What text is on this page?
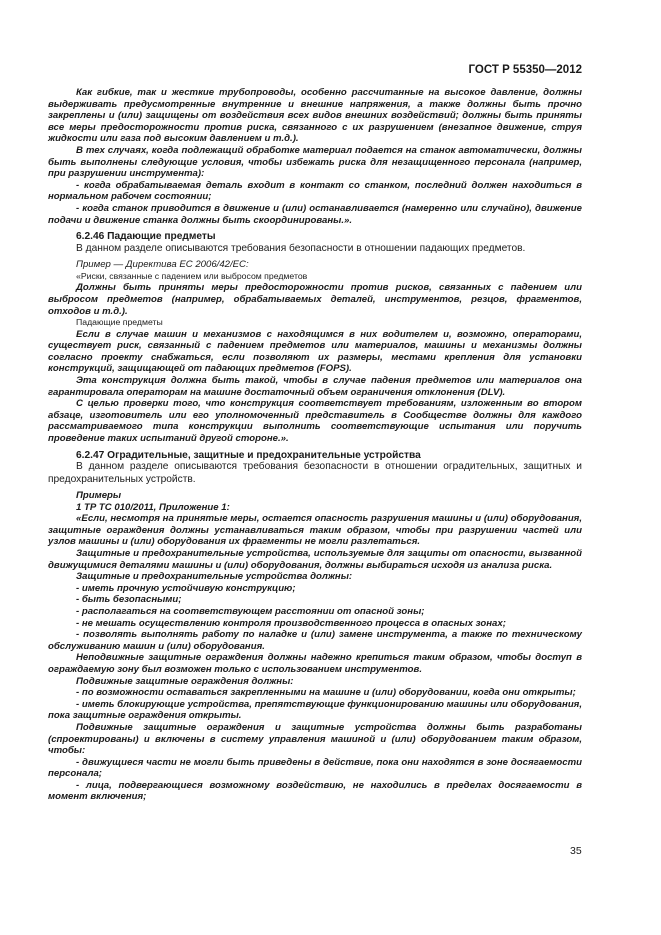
ГОСТ Р 55350—2012

Как гибкие, так и жесткие трубопроводы, особенно рассчитанные на высокое давление, должны выдерживать предусмотренные внутренние и внешние напряжения, а также должны быть прочно закреплены и (или) защищены от воздействия всех видов внешних воздействий; должны быть приняты все меры предосторожности против риска, связанного с их разрушением (внезапное движение, струя жидкости или газа под высоким давлением и т.д.).

В тех случаях, когда подлежащий обработке материал подается на станок автоматически, должны быть выполнены следующие условия, чтобы избежать риска для незащищенного персонала (например, при разрушении инструмента):

- когда обрабатываемая деталь входит в контакт со станком, последний должен находиться в нормальном рабочем состоянии;

- когда станок приводится в движение и (или) останавливается (намеренно или случайно), движение подачи и движение станка должны быть скоординированы.».

6.2.46 Падающие предметы

В данном разделе описываются требования безопасности в отношении падающих предметов.

Пример — Директива ЕС 2006/42/ЕС:

«Риски, связанные с падением или выбросом предметов

Должны быть приняты меры предосторожности против рисков, связанных с падением или выбросом предметов (например, обрабатываемых деталей, инструментов, резцов, фрагментов, отходов и т.д.).

Падающие предметы

Если в случае машин и механизмов с находящимся в них водителем и, возможно, операторами, существует риск, связанный с падением предметов или материалов, машины и механизмы должны согласно проекту снабжаться, если позволяют их размеры, местами крепления для установки конструкций, защищающей от падающих предметов (FOPS).

Эта конструкция должна быть такой, чтобы в случае падения предметов или материалов она гарантировала операторам на машине достаточный объем ограничения отклонения (DLV).

С целью проверки того, что конструкция соответствует требованиям, изложенным во втором абзаце, изготовитель или его уполномоченный представитель в Сообществе должны для каждого рассматриваемого типа конструкции выполнить соответствующие испытания или поручить проведение таких испытаний другой стороне.».

6.2.47 Оградительные, защитные и предохранительные устройства

В данном разделе описываются требования безопасности в отношении оградительных, защитных и предохранительных устройств.

Примеры

1 ТР ТС 010/2011, Приложение 1:

«Если, несмотря на принятые меры, остается опасность разрушения машины и (или) оборудования, защитные ограждения должны устанавливаться таким образом, чтобы при разрушении частей или узлов машины и (или) оборудования их фрагменты не могли разлетаться.

Защитные и предохранительные устройства, используемые для защиты от опасности, вызванной движущимися деталями машины и (или) оборудования, должны выбираться исходя из анализа риска.

Защитные и предохранительные устройства должны:

- иметь прочную устойчивую конструкцию;

- быть безопасными;

- располагаться на соответствующем расстоянии от опасной зоны;

- не мешать осуществлению контроля производственного процесса в опасных зонах;

- позволять выполнять работу по наладке и (или) замене инструмента, а также по техническому обслуживанию машин и (или) оборудования.

Неподвижные защитные ограждения должны надежно крепиться таким образом, чтобы доступ в ограждаемую зону был возможен только с использованием инструментов.

Подвижные защитные ограждения должны:

- по возможности оставаться закрепленными на машине и (или) оборудовании, когда они открыты;

- иметь блокирующие устройства, препятствующие функционированию машины или оборудования, пока защитные ограждения открыты.

Подвижные защитные ограждения и защитные устройства должны быть разработаны (спроектированы) и включены в систему управления машиной и (или) оборудованием таким образом, чтобы:

- движущиеся части не могли быть приведены в действие, пока они находятся в зоне досягаемости персонала;

- лица, подвергающиеся возможному воздействию, не находились в пределах досягаемости в момент включения;

35
